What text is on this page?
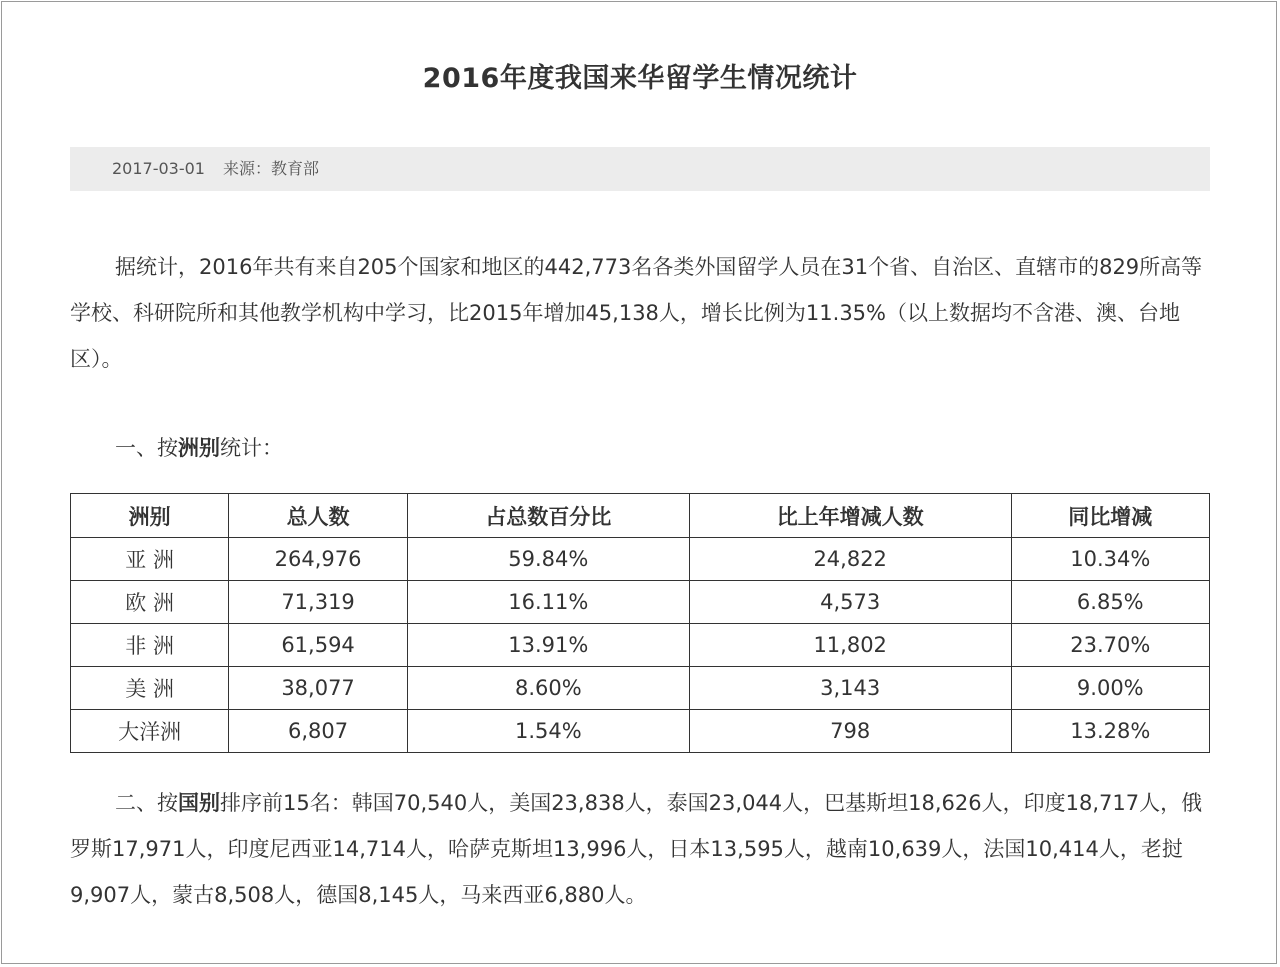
2016年度我国来华留学生情况统计
2017-03-01 来源：教育部

据统计，2016年共有来自205个国家和地区的442,773名各类外国留学人员在31个省、自治区、直辖市的829所高等学校、科研院所和其他教学机构中学习，比2015年增加45,138人，增长比例为11.35%（以上数据均不含港、澳、台地区）。

一、按洲别统计：
洲别	总人数	占总数百分比	比上年增减人数	同比增减
亚 洲	264,976	59.84%	24,822	10.34%
欧 洲	71,319	16.11%	4,573	6.85%
非 洲	61,594	13.91%	11,802	23.70%
美 洲	38,077	8.60%	3,143	9.00%
大洋洲	6,807	1.54%	798	13.28%

二、按国别排序前15名：韩国70,540人，美国23,838人，泰国23,044人，巴基斯坦18,626人，印度18,717人，俄罗斯17,971人，印度尼西亚14,714人，哈萨克斯坦13,996人，日本13,595人，越南10,639人，法国10,414人，老挝9,907人，蒙古8,508人，德国8,145人，马来西亚6,880人。
